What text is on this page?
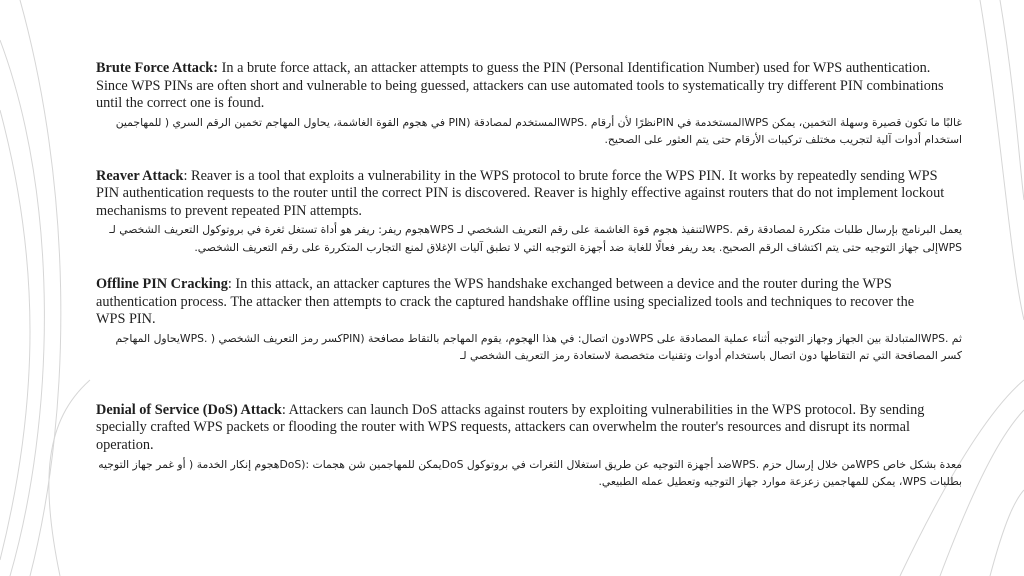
Brute Force Attack: In a brute force attack, an attacker attempts to guess the PIN (Personal Identification Number) used for WPS authentication. Since WPS PINs are often short and vulnerable to being guessed, attackers can use automated tools to systematically try different PIN combinations until the correct one is found.

غالبًا ما تكون قصيرة وسهلة التخمين، يمكن WPSالمستخدمة في PINنظرًا لأن أرقام .WPSالمستخدم لمصادقة (PIN في هجوم القوة الغاشمة، يحاول المهاجم تخمين الرقم السري ( للمهاجمين استخدام أدوات آلية لتجريب مختلف تركيبات الأرقام حتى يتم العثور على الصحيح.

Reaver Attack: Reaver is a tool that exploits a vulnerability in the WPS protocol to brute force the WPS PIN. It works by repeatedly sending WPS PIN authentication requests to the router until the correct PIN is discovered. Reaver is highly effective against routers that do not implement lockout mechanisms to prevent repeated PIN attempts.

يعمل البرنامج بإرسال طلبات متكررة لمصادقة رقم .WPSلتنفيذ هجوم قوة الغاشمة على رقم التعريف الشخصي لـ WPSهجوم ريفر: ريفر هو أداة تستغل ثغرة في بروتوكول التعريف الشخصي لـ WPSإلى جهاز التوجيه حتى يتم اكتشاف الرقم الصحيح. يعد ريفر فعالًا للغاية ضد أجهزة التوجيه التي لا تطبق آليات الإغلاق لمنع التجارب المتكررة على رقم التعريف الشخصي.

Offline PIN Cracking: In this attack, an attacker captures the WPS handshake exchanged between a device and the router during the WPS authentication process. The attacker then attempts to crack the captured handshake offline using specialized tools and techniques to recover the WPS PIN.

ثم .WPSالمتبادلة بين الجهاز وجهاز التوجيه أثناء عملية المصادقة على WPSدون اتصال: في هذا الهجوم، يقوم المهاجم بالتقاط مصافحة (PINكسر رمز التعريف الشخصي ( .WPSيحاول المهاجم كسر المصافحة التي تم التقاطها دون اتصال باستخدام أدوات وتقنيات متخصصة لاستعادة رمز التعريف الشخصي لـ

Denial of Service (DoS) Attack: Attackers can launch DoS attacks against routers by exploiting vulnerabilities in the WPS protocol. By sending specially crafted WPS packets or flooding the router with WPS requests, attackers can overwhelm the router's resources and disrupt its normal operation.

معدة بشكل خاص WPSمن خلال إرسال حزم .WPSضد أجهزة التوجيه عن طريق استغلال الثغرات في بروتوكول DoSيمكن للمهاجمين شن هجمات :(DoSهجوم إنكار الخدمة ( أو غمر جهاز التوجيه بطلبات WPS، يمكن للمهاجمين زعزعة موارد جهاز التوجيه وتعطيل عمله الطبيعي.
